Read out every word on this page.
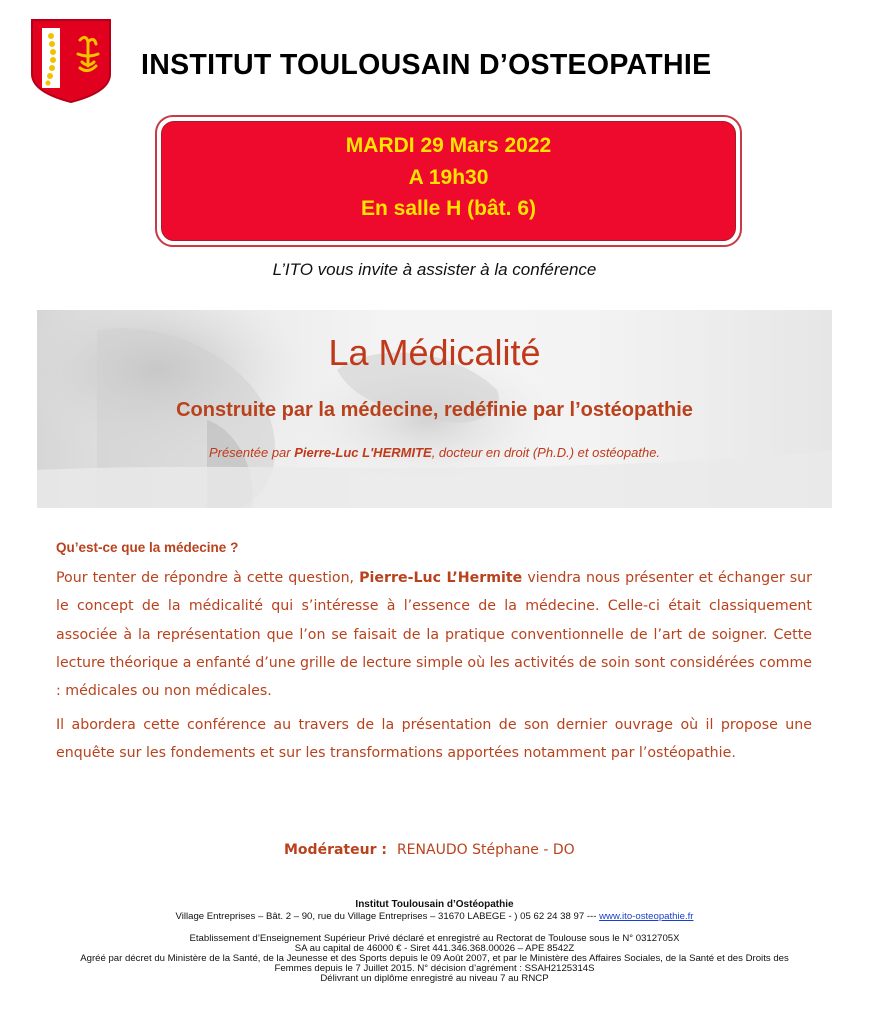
INSTITUT TOULOUSAIN D’OSTEOPATHIE
MARDI 29 Mars 2022
A 19h30
En salle H (bât. 6)
L’ITO vous invite à assister à la conférence
La Médicalité
Construite par la médecine, redéfinie par l’ostéopathie
Présentée par Pierre-Luc L'HERMITE, docteur en droit (Ph.D.) et ostéopathe.
Qu’est-ce que la médecine ?
Pour tenter de répondre à cette question, Pierre-Luc L’Hermite viendra nous présenter et échanger sur le concept de la médicalité qui s’intéresse à l’essence de la médecine. Celle-ci était classiquement associée à la représentation que l’on se faisait de la pratique conventionnelle de l’art de soigner. Cette lecture théorique a enfanté d’une grille de lecture simple où les activités de soin sont considérées comme : médicales ou non médicales.
Il abordera cette conférence au travers de la présentation de son dernier ouvrage où il propose une enquête sur les fondements et sur les transformations apportées notamment par l’ostéopathie.
Modérateur : RENAUDO Stéphane - DO
Institut Toulousain d’Ostéopathie
Village Entreprises – Bât. 2 – 90, rue du Village Entreprises – 31670 LABEGE - ) 05 62 24 38 97 --- www.ito-osteopathie.fr
Etablissement d’Enseignement Supérieur Privé déclaré et enregistré au Rectorat de Toulouse sous le N° 0312705X
SA au capital de 46000 € - Siret 441.346.368.00026 – APE 8542Z
Agréé par décret du Ministère de la Santé, de la Jeunesse et des Sports depuis le 09 Août 2007, et par le Ministère des Affaires Sociales, de la Santé et des Droits des
Femmes depuis le 7 Juillet 2015. N° décision d’agrément : SSAH2125314S
Délivrant un diplôme enregistré au niveau 7 au RNCP
